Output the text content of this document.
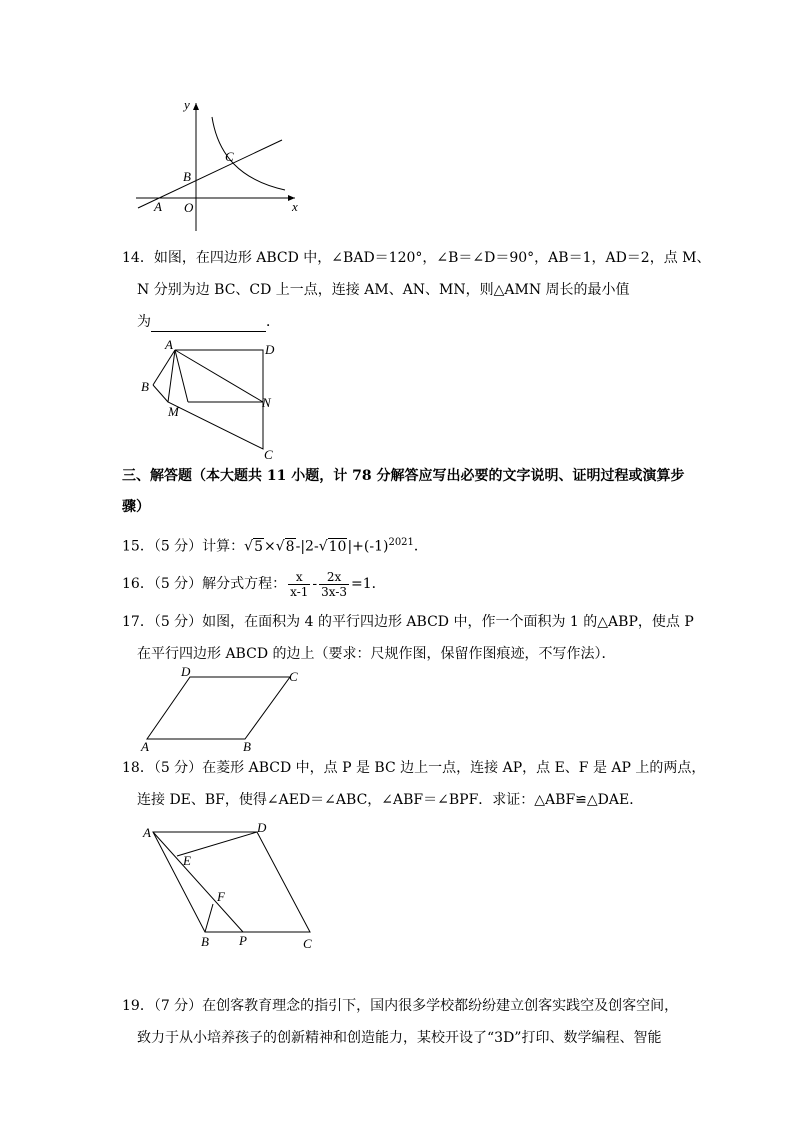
y
x
O
A
B
C
14．如图，在四边形 ABCD 中，∠BAD＝120°，∠B＝∠D＝90°，AB＝1，AD＝2，点 M、
N 分别为边 BC、CD 上一点，连接 AM、AN、MN，则△AMN 周长的最小值
为	．
A	D
B
M
N
C
三、解答题（本大题共 11 小题，计 78 分解答应写出必要的文字说明、证明过程或演算步
骤）
15．（5 分）计算：$√5\times√8-|2-√10|+(-1)^{2021}$．
16．（5 分）解分式方程： $\frac{x}{x-1} - \frac{2x}{3x-3} =1$．
17．（5 分）如图，在面积为 4 的平行四边形 ABCD 中，作一个面积为 1 的△ABP，使点 P
在平行四边形 ABCD 的边上（要求：尺规作图，保留作图痕迹，不写作法）．
D	C
A	B
18．（5 分）在菱形 ABCD 中，点 P 是 BC 边上一点，连接 AP，点 E、F 是 AP 上的两点，
连接 DE、BF，使得∠AED＝∠ABC，∠ABF＝∠BPF．求证：△ABF≌△DAE．
A	D
E
F
B P	C
19．（7 分）在创客教育理念的指引下，国内很多学校都纷纷建立创客实践空及创客空间，
致力于从小培养孩子的创新精神和创造能力，某校开设了“3D”打印、数学编程、智能
